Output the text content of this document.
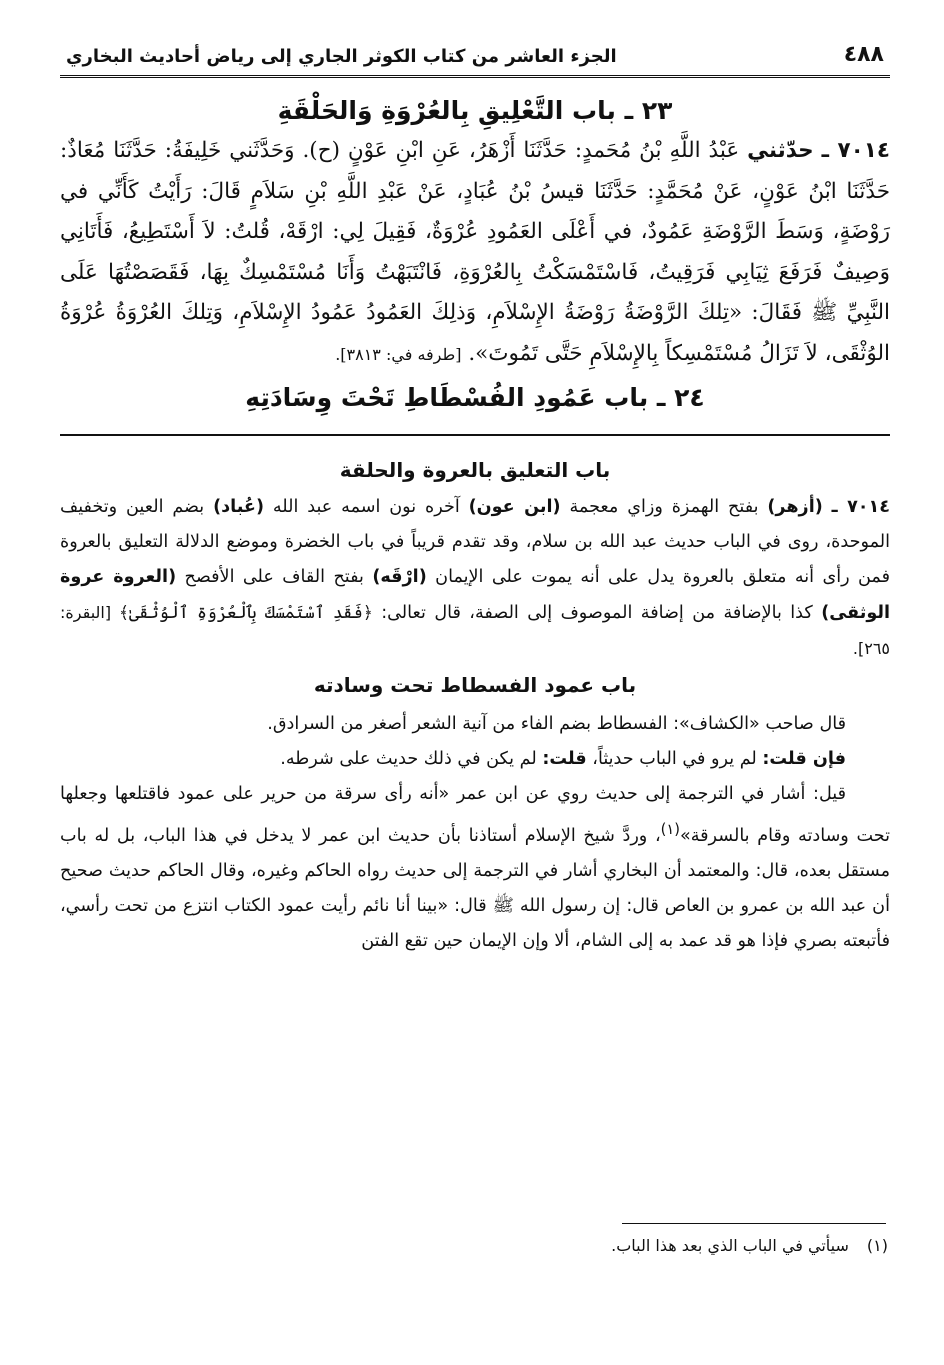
٤٨٨
الجزء العاشر من كتاب الكوثر الجاري إلى رياض أحاديث البخاري
٢٣ ـ باب التَّعْلِيقِ بِالعُرْوَةِ وَالحَلْقَةِ

٧٠١٤ ـ حدّثني عَبْدُ اللَّهِ بْنُ مُحَمدٍ: حَدَّثَنَا أَزْهَرُ، عَنِ ابْنِ عَوْنٍ (ح). وَحَدَّثَني خَلِيفَةُ: حَدَّثَنَا مُعَاذٌ: حَدَّثَنَا ابْنُ عَوْنٍ، عَنْ مُحَمَّدٍ: حَدَّثَنَا قيسُ بْنُ عُبَادٍ، عَنْ عَبْدِ اللَّهِ بْنِ سَلاَمٍ قَالَ: رَأَيْتُ كَأَنِّي في رَوْضَةٍ، وَسَطَ الرَّوْضَةِ عَمُودٌ، في أَعْلَى العَمُودِ عُرْوَةٌ، فَقِيلَ لِي: ارْقَهْ، قُلتُ: لاَ أَسْتَطِيعُ، فَأَتَانِي وَصِيفٌ فَرَفَعَ ثِيَابِي فَرَقِيتُ، فَاسْتَمْسَكْتُ بِالعُرْوَةِ، فَانْتَبَهْتُ وَأَنَا مُسْتَمْسِكٌ بِهَا، فَقَصَصْتُهَا عَلَى النَّبِيِّ ﷺ فَقَالَ: «تِلكَ الرَّوْضَةُ رَوْضَةُ الإِسْلاَمِ، وَذلِكَ العَمُودُ عَمُودُ الإِسْلاَمِ، وَتِلكَ العُرْوَةُ عُرْوَةُ الوُثْقَى، لاَ تَزَالُ مُسْتَمْسِكاً بِالإِسْلاَمِ حَتَّى تَمُوتَ». [طرفه في: ٣٨١٣].

٢٤ ـ باب عَمُودِ الفُسْطَاطِ تَحْتَ وِسَادَتِهِ
باب التعليق بالعروة والحلقة

٧٠١٤ ـ (أزهر) بفتح الهمزة وزاي معجمة (ابن عون) آخره نون اسمه عبد الله (عُباد) بضم العين وتخفيف الموحدة، روى في الباب حديث عبد الله بن سلام، وقد تقدم قريباً في باب الخضرة وموضع الدلالة التعليق بالعروة فمن رأى أنه متعلق بالعروة يدل على أنه يموت على الإيمان (ارْقَه) بفتح القاف على الأفصح (العروة عروة الوثقى) كذا بالإضافة من إضافة الموصوف إلى الصفة، قال تعالى: ﴿فَقَدِ ٱسْتَمْسَكَ بِٱلْعُرْوَةِ ٱلْوُثْقَىٰ﴾ [البقرة: ٢٦٥].

باب عمود الفسطاط تحت وسادته

قال صاحب «الكشاف»: الفسطاط بضم الفاء من آنية الشعر أصغر من السرادق.

فإن قلت: لم يرو في الباب حديثاً، قلت: لم يكن في ذلك حديث على شرطه.

قيل: أشار في الترجمة إلى حديث روي عن ابن عمر «أنه رأى سرقة من حرير على عمود فاقتلعها وجعلها تحت وسادته وقام بالسرقة»$^{(١)}$، وردَّ شيخ الإسلام أستاذنا بأن حديث ابن عمر لا يدخل في هذا الباب، بل له باب مستقل بعده، قال: والمعتمد أن البخاري أشار في الترجمة إلى حديث رواه الحاكم وغيره، وقال الحاكم حديث صحيح أن عبد الله بن عمرو بن العاص قال: إن رسول الله ﷺ قال: «بينا أنا نائم رأيت عمود الكتاب انتزع من تحت رأسي، فأتبعته بصري فإذا هو قد عمد به إلى الشام، ألا وإن الإيمان حين تقع الفتن

(١)سيأتي في الباب الذي بعد هذا الباب.
